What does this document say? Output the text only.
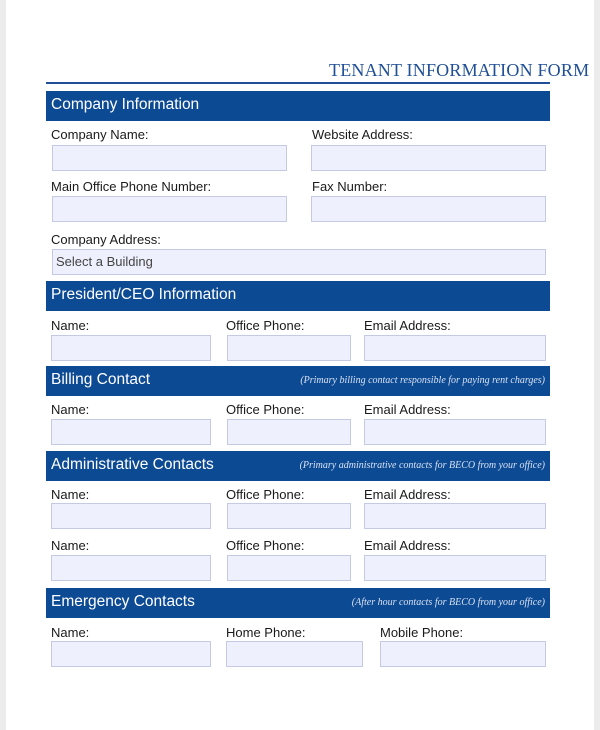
TENANT INFORMATION FORM
Company Information
Company Name:	Website Address:
Main Office Phone Number:	Fax Number:
Company Address:
Select a Building
President/CEO Information
Name:	Office Phone:	Email Address:
Billing Contact	(Primary billing contact responsible for paying rent charges)
Name:	Office Phone:	Email Address:
Administrative Contacts	(Primary administrative contacts for BECO from your office)
Name:	Office Phone:	Email Address:
Name:	Office Phone:	Email Address:
Emergency Contacts	(After hour contacts for BECO from your office)
Name:	Home Phone:	Mobile Phone:
